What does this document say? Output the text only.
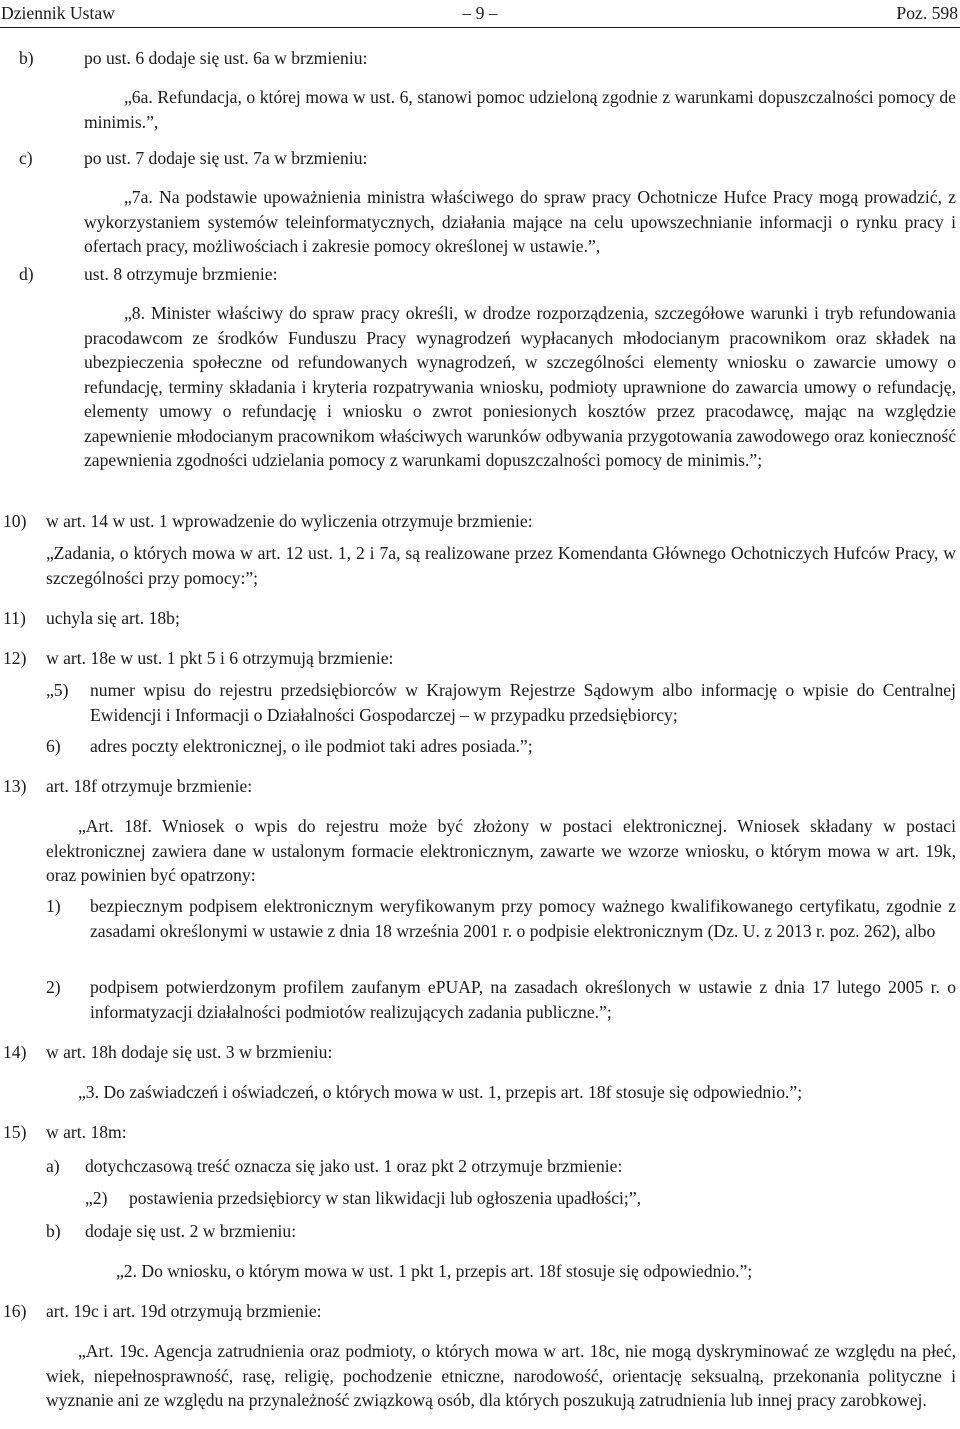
Dziennik Ustaw	– 9 –	Poz. 598
b)	po ust. 6 dodaje się ust. 6a w brzmieniu:
„6a. Refundacja, o której mowa w ust. 6, stanowi pomoc udzieloną zgodnie z warunkami dopuszczalności pomocy de minimis.”,
c)	po ust. 7 dodaje się ust. 7a w brzmieniu:
„7a. Na podstawie upoważnienia ministra właściwego do spraw pracy Ochotnicze Hufce Pracy mogą prowadzić, z wykorzystaniem systemów teleinformatycznych, działania mające na celu upowszechnianie informacji o rynku pracy i ofertach pracy, możliwościach i zakresie pomocy określonej w ustawie.”,
d)	ust. 8 otrzymuje brzmienie:
„8. Minister właściwy do spraw pracy określi, w drodze rozporządzenia, szczegółowe warunki i tryb refundowania pracodawcom ze środków Funduszu Pracy wynagrodzeń wypłacanych młodocianym pracownikom oraz składek na ubezpieczenia społeczne od refundowanych wynagrodzeń, w szczególności elementy wniosku o zawarcie umowy o refundację, terminy składania i kryteria rozpatrywania wniosku, podmioty uprawnione do zawarcia umowy o refundację, elementy umowy o refundację i wniosku o zwrot poniesionych kosztów przez pracodawcę, mając na względzie zapewnienie młodocianym pracownikom właściwych warunków odbywania przygotowania zawodowego oraz konieczność zapewnienia zgodności udzielania pomocy z warunkami dopuszczalności pomocy de minimis.”;
10) w art. 14 w ust. 1 wprowadzenie do wyliczenia otrzymuje brzmienie:
„Zadania, o których mowa w art. 12 ust. 1, 2 i 7a, są realizowane przez Komendanta Głównego Ochotniczych Hufców Pracy, w szczególności przy pomocy:”;
11) uchyla się art. 18b;
12) w art. 18e w ust. 1 pkt 5 i 6 otrzymują brzmienie:
„5) numer wpisu do rejestru przedsiębiorców w Krajowym Rejestrze Sądowym albo informację o wpisie do Centralnej Ewidencji i Informacji o Działalności Gospodarczej – w przypadku przedsiębiorcy;
6) adres poczty elektronicznej, o ile podmiot taki adres posiada.”;
13) art. 18f otrzymuje brzmienie:
„Art. 18f. Wniosek o wpis do rejestru może być złożony w postaci elektronicznej. Wniosek składany w postaci elektronicznej zawiera dane w ustalonym formacie elektronicznym, zawarte we wzorze wniosku, o którym mowa w art. 19k, oraz powinien być opatrzony:
1) bezpiecznym podpisem elektronicznym weryfikowanym przy pomocy ważnego kwalifikowanego certyfikatu, zgodnie z zasadami określonymi w ustawie z dnia 18 września 2001 r. o podpisie elektronicznym (Dz. U. z 2013 r. poz. 262), albo
2) podpisem potwierdzonym profilem zaufanym ePUAP, na zasadach określonych w ustawie z dnia 17 lutego 2005 r. o informatyzacji działalności podmiotów realizujących zadania publiczne.”;
14) w art. 18h dodaje się ust. 3 w brzmieniu:
„3. Do zaświadczeń i oświadczeń, o których mowa w ust. 1, przepis art. 18f stosuje się odpowiednio.”;
15) w art. 18m:
a) dotychczasową treść oznacza się jako ust. 1 oraz pkt 2 otrzymuje brzmienie:
„2) postawienia przedsiębiorcy w stan likwidacji lub ogłoszenia upadłości;”,
b) dodaje się ust. 2 w brzmieniu:
„2. Do wniosku, o którym mowa w ust. 1 pkt 1, przepis art. 18f stosuje się odpowiednio.”;
16) art. 19c i art. 19d otrzymują brzmienie:
„Art. 19c. Agencja zatrudnienia oraz podmioty, o których mowa w art. 18c, nie mogą dyskryminować ze względu na płeć, wiek, niepełnosprawność, rasę, religię, pochodzenie etniczne, narodowość, orientację seksualną, przekonania polityczne i wyznanie ani ze względu na przynależność związkową osób, dla których poszukują zatrudnienia lub innej pracy zarobkowej.
